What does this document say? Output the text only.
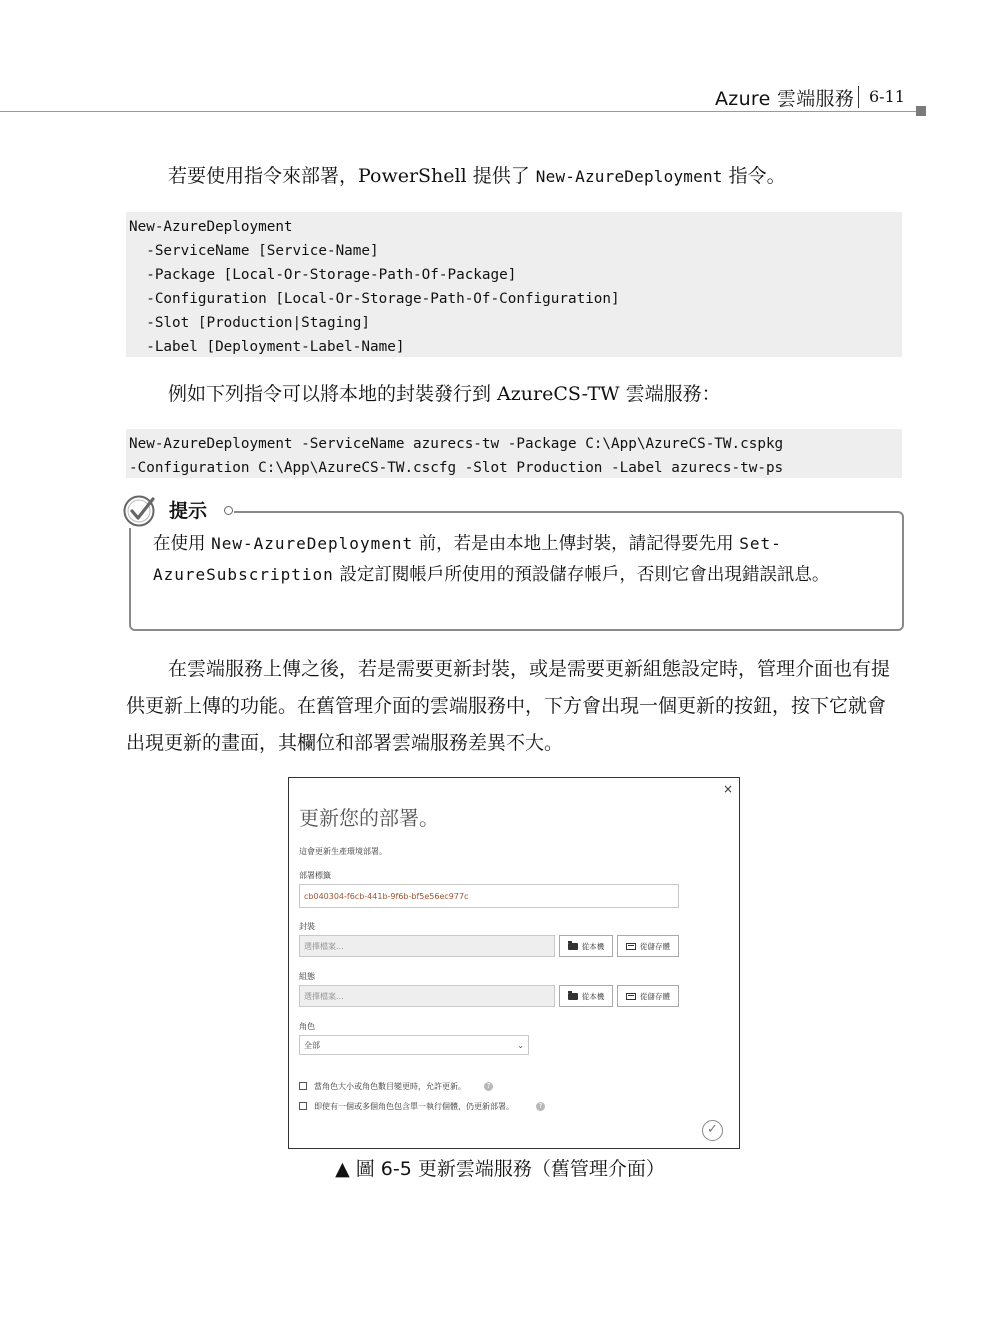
Azure 雲端服務 6-11
若要使用指令來部署，PowerShell 提供了 New-AzureDeployment 指令。
New-AzureDeployment
-ServiceName [Service-Name]
-Package [Local-Or-Storage-Path-Of-Package]
-Configuration [Local-Or-Storage-Path-Of-Configuration]
-Slot [Production|Staging]
-Label [Deployment-Label-Name]
例如下列指令可以將本地的封裝發行到 AzureCS-TW 雲端服務：
New-AzureDeployment -ServiceName azurecs-tw -Package C:\App\AzureCS-TW.cspkg
-Configuration C:\App\AzureCS-TW.cscfg -Slot Production -Label azurecs-tw-ps
提示
在使用 New-AzureDeployment 前，若是由本地上傳封裝，請記得要先用 Set-AzureSubscription 設定訂閱帳戶所使用的預設儲存帳戶，否則它會出現錯誤訊息。
在雲端服務上傳之後，若是需要更新封裝，或是需要更新組態設定時，管理介面也有提供更新上傳的功能。在舊管理介面的雲端服務中，下方會出現一個更新的按鈕，按下它就會出現更新的畫面，其欄位和部署雲端服務差異不大。
×
更新您的部署。
這會更新生產環境部署。
部署標籤
cb040304-f6cb-441b-9f6b-bf5e56ec977c
封裝
選擇檔案...	從本機	從儲存體
組態
選擇檔案...	從本機	從儲存體
角色
全部	⌄
當角色大小或角色數目變更時，允許更新。	?
即使有一個或多個角色包含單一執行個體，仍更新部署。	?
✓
▲ 圖 6-5 更新雲端服務（舊管理介面）
